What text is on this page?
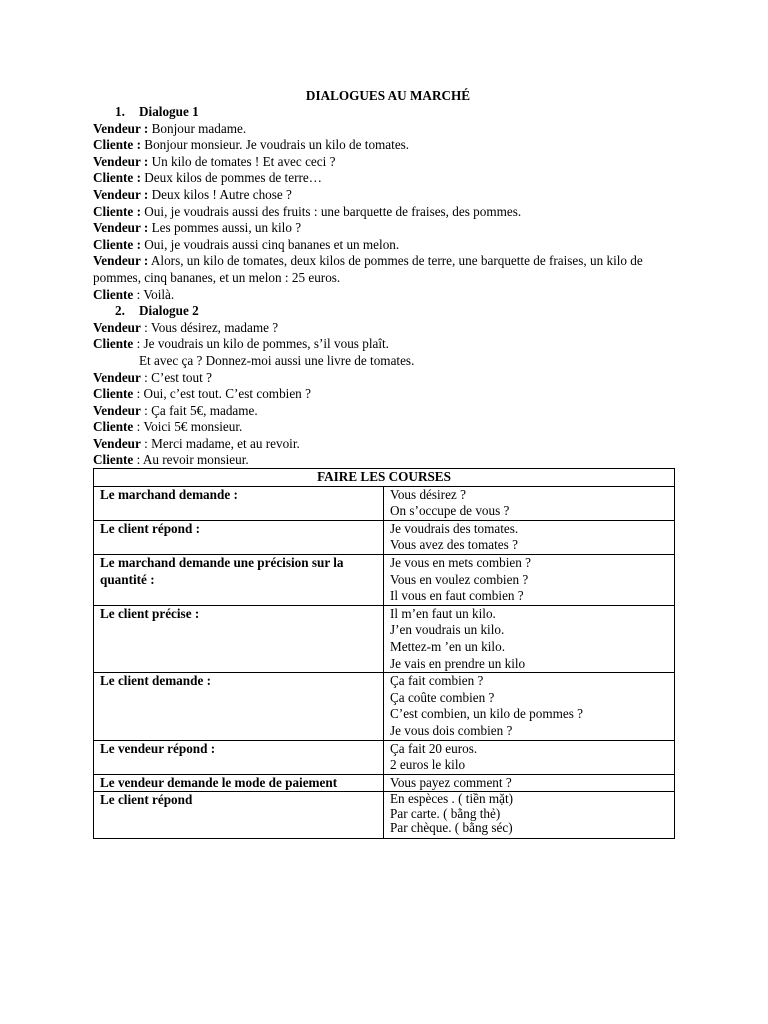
DIALOGUES AU MARCHÉ
1. Dialogue 1
Vendeur : Bonjour madame.
Cliente : Bonjour monsieur. Je voudrais un kilo de tomates.
Vendeur : Un kilo de tomates ! Et avec ceci ?
Cliente : Deux kilos de pommes de terre…
Vendeur : Deux kilos ! Autre chose ?
Cliente : Oui, je voudrais aussi des fruits : une barquette de fraises, des pommes.
Vendeur : Les pommes aussi, un kilo ?
Cliente : Oui, je voudrais aussi cinq bananes et un melon.
Vendeur : Alors, un kilo de tomates, deux kilos de pommes de terre, une barquette de fraises, un kilo de pommes, cinq bananes, et un melon : 25 euros.
Cliente : Voilà.
2. Dialogue 2
Vendeur : Vous désirez, madame ?
Cliente : Je voudrais un kilo de pommes, s’il vous plaît.
Et avec ça ? Donnez-moi aussi une livre de tomates.
Vendeur : C’est tout ?
Cliente : Oui, c’est tout. C’est combien ?
Vendeur : Ça fait 5€, madame.
Cliente : Voici 5€ monsieur.
Vendeur : Merci madame, et au revoir.
Cliente : Au revoir monsieur.
FAIRE LES COURSES	
Le marchand demande :	Vous désirez ?
On s’occupe de vous ?

Le client répond :	Je voudrais des tomates.
Vous avez des tomates ?

Le marchand demande une précision sur la quantité :	Je vous en mets combien ?
Vous en voulez combien ?
Il vous en faut combien ?

Le client précise :	Il m’en faut un kilo.
J’en voudrais un kilo.
Mettez-m ’en un kilo.
Je vais en prendre un kilo

Le client demande :	Ça fait combien ?
Ça coûte combien ?
C’est combien, un kilo de pommes ?
Je vous dois combien ?

Le vendeur répond :	Ça fait 20 euros.
2 euros le kilo

Le vendeur demande le mode de paiement	Vous payez comment ?

Le client répond	En espèces . ( tiền mặt)
Par carte. ( bằng thẻ)
Par chèque. ( bằng séc)
